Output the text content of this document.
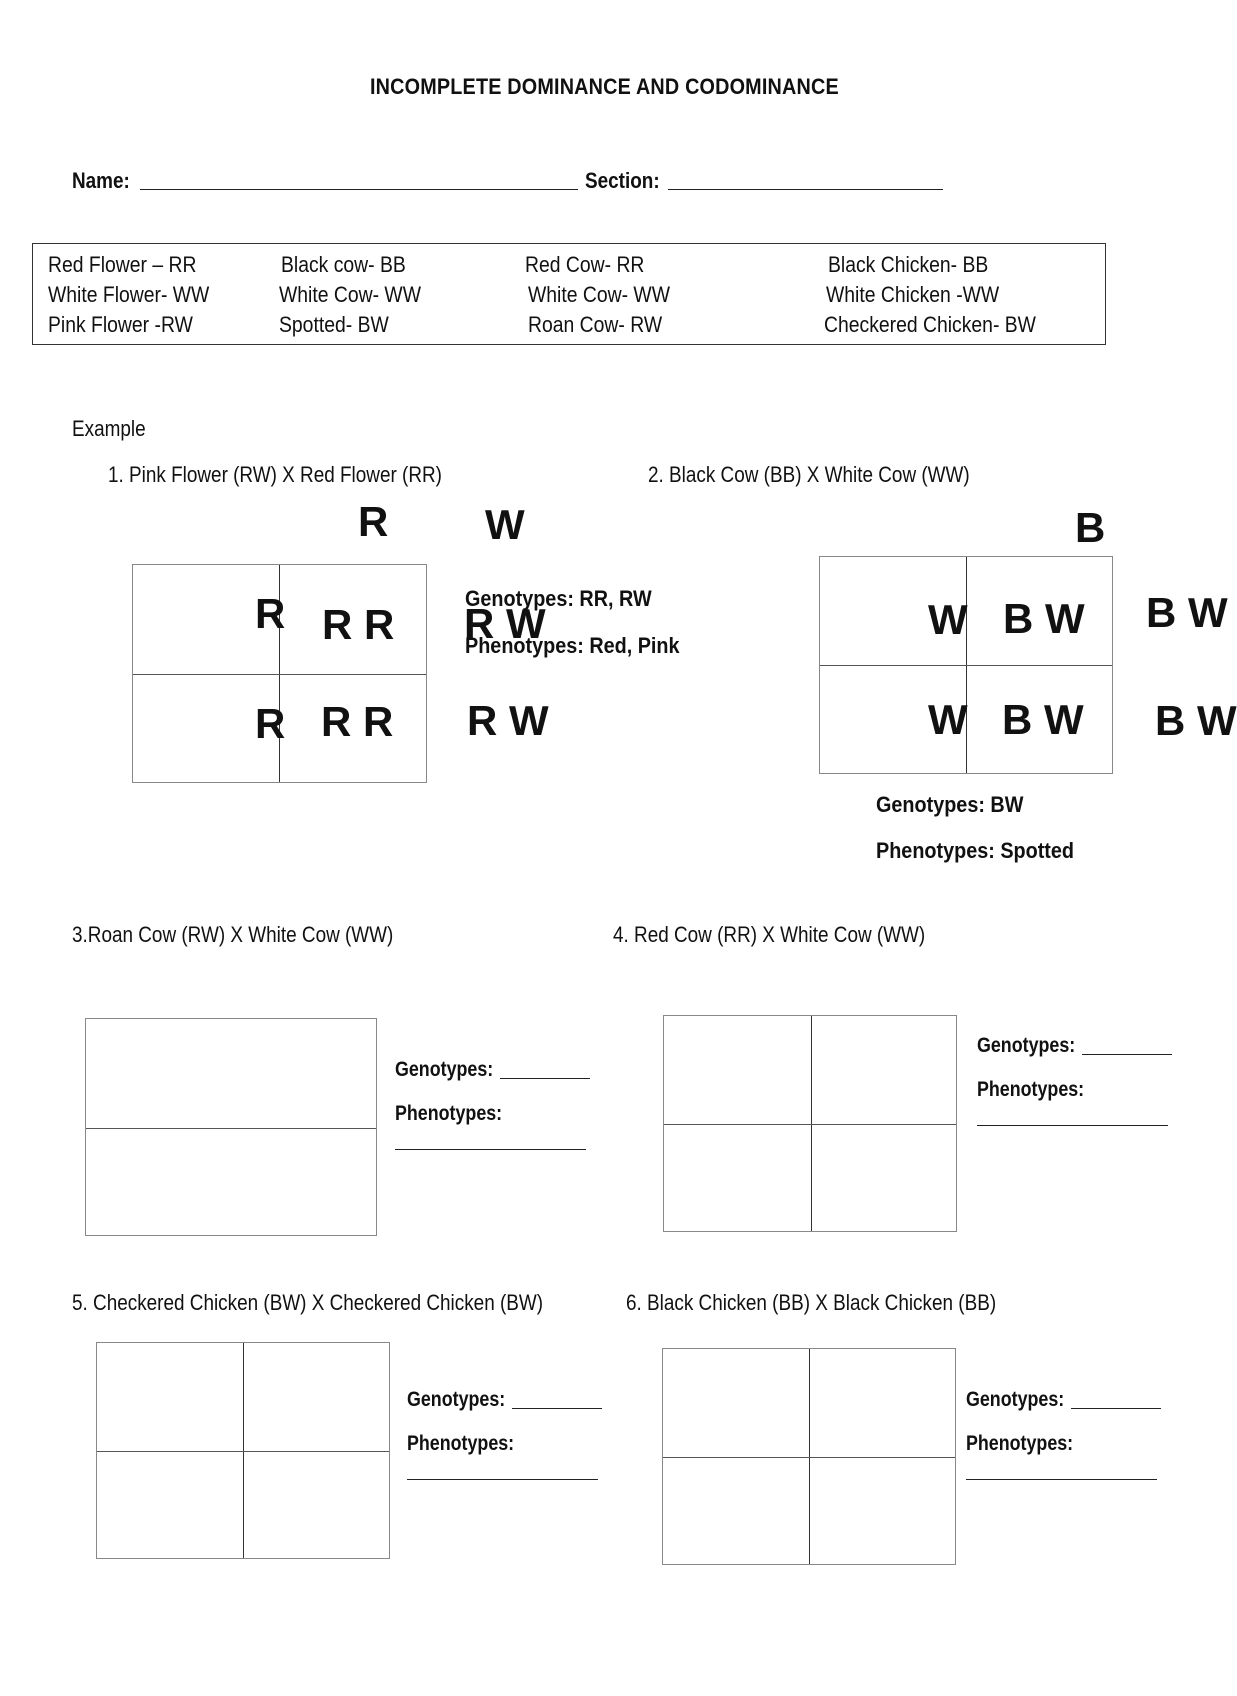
INCOMPLETE DOMINANCE AND CODOMINANCE
Name:	Section:
Red Flower – RR
White Flower- WW
Pink Flower -RW
Black cow- BB
White Cow- WW
Spotted- BW
Red Cow- RR
White Cow- WW
Roan Cow- RW
Black Chicken- BB
White Chicken -WW
Checkered Chicken- BW
Example
1. Pink Flower (RW) X Red Flower (RR)
R W
R
R
R R R W
R R R W
Genotypes: RR, RW
Phenotypes: Red, Pink
2. Black Cow (BB) X White Cow (WW)
B
W
W
B W B W
B W B W
Genotypes: BW
Phenotypes: Spotted
3.Roan Cow (RW) X White Cow (WW)
Genotypes:
Phenotypes:
4. Red Cow (RR) X White Cow (WW)
Genotypes:
Phenotypes:
5. Checkered Chicken (BW) X Checkered Chicken (BW)
Genotypes:
Phenotypes:
6. Black Chicken (BB) X Black Chicken (BB)
Genotypes:
Phenotypes:
